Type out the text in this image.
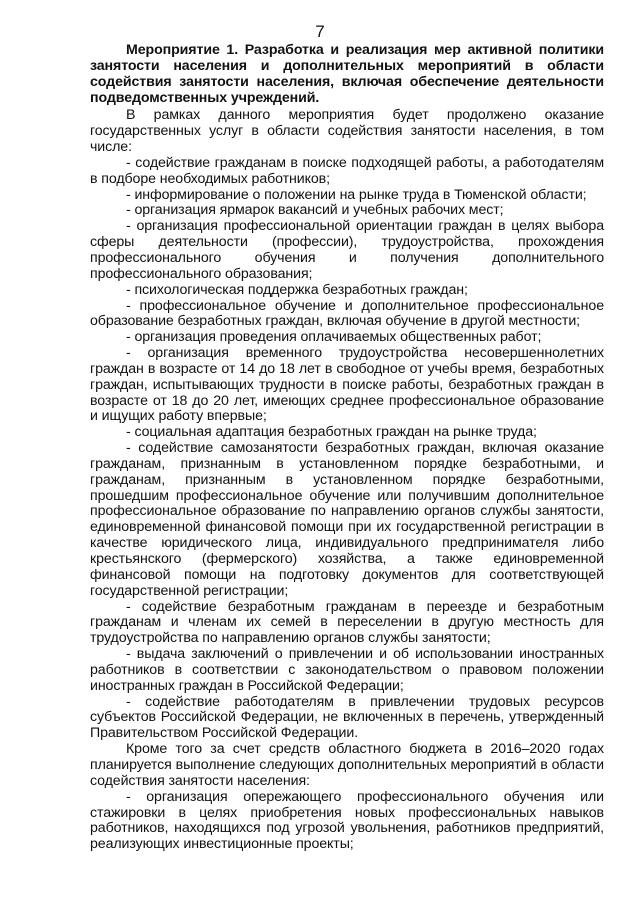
7

Мероприятие 1. Разработка и реализация мер активной политики занятости населения и дополнительных мероприятий в области содействия занятости населения, включая обеспечение деятельности подведомственных учреждений.

В рамках данного мероприятия будет продолжено оказание государственных услуг в области содействия занятости населения, в том числе:

- содействие гражданам в поиске подходящей работы, а работодателям в подборе необходимых работников;

- информирование о положении на рынке труда в Тюменской области;

- организация ярмарок вакансий и учебных рабочих мест;

- организация профессиональной ориентации граждан в целях выбора сферы деятельности (профессии), трудоустройства, прохождения профессионального обучения и получения дополнительного профессионального образования;

- психологическая поддержка безработных граждан;

- профессиональное обучение и дополнительное профессиональное образование безработных граждан, включая обучение в другой местности;

- организация проведения оплачиваемых общественных работ;

- организация временного трудоустройства несовершеннолетних граждан в возрасте от 14 до 18 лет в свободное от учебы время, безработных граждан, испытывающих трудности в поиске работы, безработных граждан в возрасте от 18 до 20 лет, имеющих среднее профессиональное образование и ищущих работу впервые;

- социальная адаптация безработных граждан на рынке труда;

- содействие самозанятости безработных граждан, включая оказание гражданам, признанным в установленном порядке безработными, и гражданам, признанным в установленном порядке безработными, прошедшим профессиональное обучение или получившим дополнительное профессиональное образование по направлению органов службы занятости, единовременной финансовой помощи при их государственной регистрации в качестве юридического лица, индивидуального предпринимателя либо крестьянского (фермерского) хозяйства, а также единовременной финансовой помощи на подготовку документов для соответствующей государственной регистрации;

- содействие безработным гражданам в переезде и безработным гражданам и членам их семей в переселении в другую местность для трудоустройства по направлению органов службы занятости;

- выдача заключений о привлечении и об использовании иностранных работников в соответствии с законодательством о правовом положении иностранных граждан в Российской Федерации;

- содействие работодателям в привлечении трудовых ресурсов субъектов Российской Федерации, не включенных в перечень, утвержденный Правительством Российской Федерации.

Кроме того за счет средств областного бюджета в 2016–2020 годах планируется выполнение следующих дополнительных мероприятий в области содействия занятости населения:

- организация опережающего профессионального обучения или стажировки в целях приобретения новых профессиональных навыков работников, находящихся под угрозой увольнения, работников предприятий, реализующих инвестиционные проекты;
